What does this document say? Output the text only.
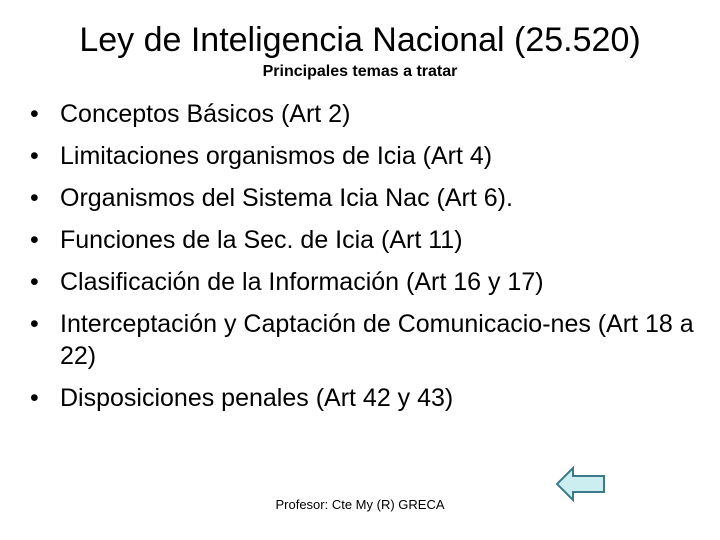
Ley de Inteligencia Nacional (25.520)
Principales temas a tratar
• Conceptos Básicos (Art 2)
• Limitaciones organismos de Icia (Art 4)
• Organismos del Sistema Icia Nac (Art 6).
• Funciones de la Sec. de Icia (Art 11)
• Clasificación de la Información (Art 16 y 17)
• Interceptación y Captación de Comunicacio-nes (Art 18 a 22)
• Disposiciones penales (Art 42 y 43)
Profesor: Cte My (R) GRECA
